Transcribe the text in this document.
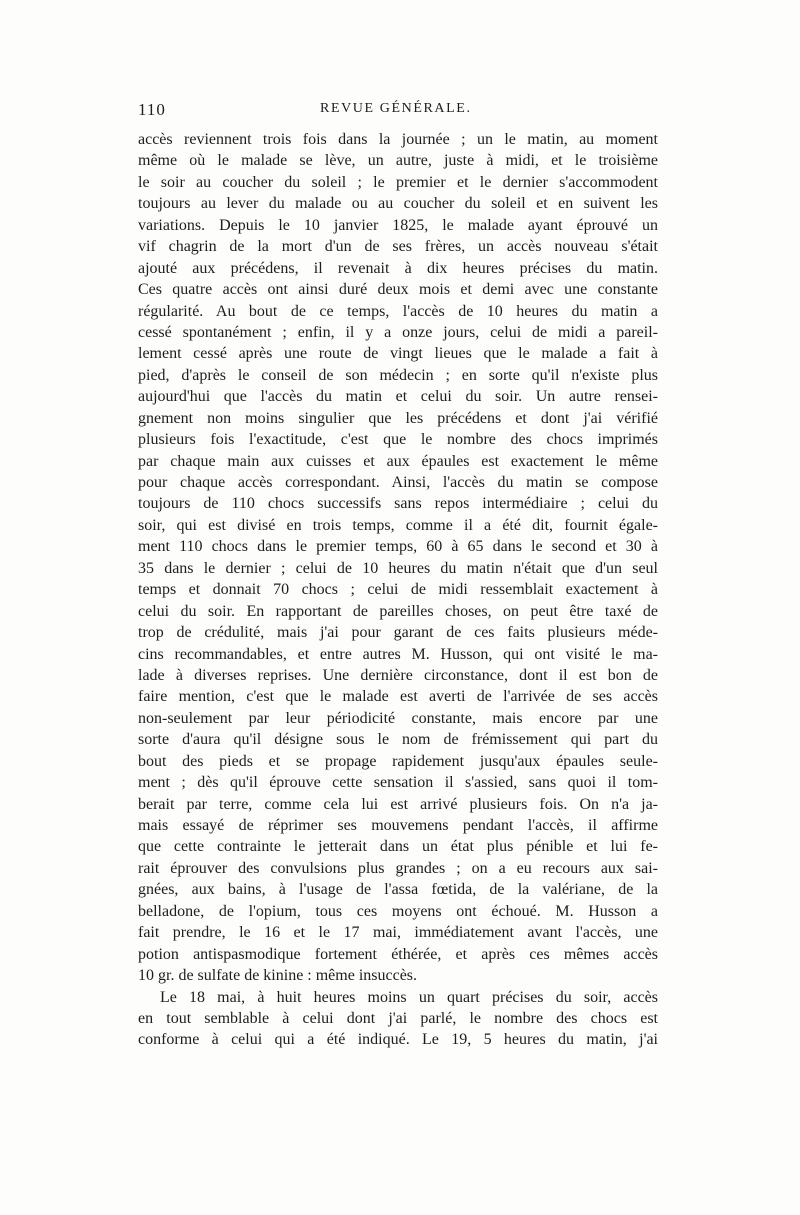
110	REVUE GÉNÉRALE.
accès reviennent trois fois dans la journée ; un le matin, au moment
même où le malade se lève, un autre, juste à midi, et le troisième
le soir au coucher du soleil ; le premier et le dernier s'accommodent
toujours au lever du malade ou au coucher du soleil et en suivent les
variations. Depuis le 10 janvier 1825, le malade ayant éprouvé un
vif chagrin de la mort d'un de ses frères, un accès nouveau s'était
ajouté aux précédens, il revenait à dix heures précises du matin.
Ces quatre accès ont ainsi duré deux mois et demi avec une constante
régularité. Au bout de ce temps, l'accès de 10 heures du matin a
cessé spontanément ; enfin, il y a onze jours, celui de midi a pareil-
lement cessé après une route de vingt lieues que le malade a fait à
pied, d'après le conseil de son médecin ; en sorte qu'il n'existe plus
aujourd'hui que l'accès du matin et celui du soir. Un autre rensei-
gnement non moins singulier que les précédens et dont j'ai vérifié
plusieurs fois l'exactitude, c'est que le nombre des chocs imprimés
par chaque main aux cuisses et aux épaules est exactement le même
pour chaque accès correspondant. Ainsi, l'accès du matin se compose
toujours de 110 chocs successifs sans repos intermédiaire ; celui du
soir, qui est divisé en trois temps, comme il a été dit, fournit égale-
ment 110 chocs dans le premier temps, 60 à 65 dans le second et 30 à
35 dans le dernier ; celui de 10 heures du matin n'était que d'un seul
temps et donnait 70 chocs ; celui de midi ressemblait exactement à
celui du soir. En rapportant de pareilles choses, on peut être taxé de
trop de crédulité, mais j'ai pour garant de ces faits plusieurs méde-
cins recommandables, et entre autres M. Husson, qui ont visité le ma-
lade à diverses reprises. Une dernière circonstance, dont il est bon de
faire mention, c'est que le malade est averti de l'arrivée de ses accès
non-seulement par leur périodicité constante, mais encore par une
sorte d'aura qu'il désigne sous le nom de frémissement qui part du
bout des pieds et se propage rapidement jusqu'aux épaules seule-
ment ; dès qu'il éprouve cette sensation il s'assied, sans quoi il tom-
berait par terre, comme cela lui est arrivé plusieurs fois. On n'a ja-
mais essayé de réprimer ses mouvemens pendant l'accès, il affirme
que cette contrainte le jetterait dans un état plus pénible et lui fe-
rait éprouver des convulsions plus grandes ; on a eu recours aux sai-
gnées, aux bains, à l'usage de l'assa fœtida, de la valériane, de la
belladone, de l'opium, tous ces moyens ont échoué. M. Husson a
fait prendre, le 16 et le 17 mai, immédiatement avant l'accès, une
potion antispasmodique fortement éthérée, et après ces mêmes accès
10 gr. de sulfate de kinine : même insuccès.
Le 18 mai, à huit heures moins un quart précises du soir, accès
en tout semblable à celui dont j'ai parlé, le nombre des chocs est
conforme à celui qui a été indiqué. Le 19, 5 heures du matin, j'ai
